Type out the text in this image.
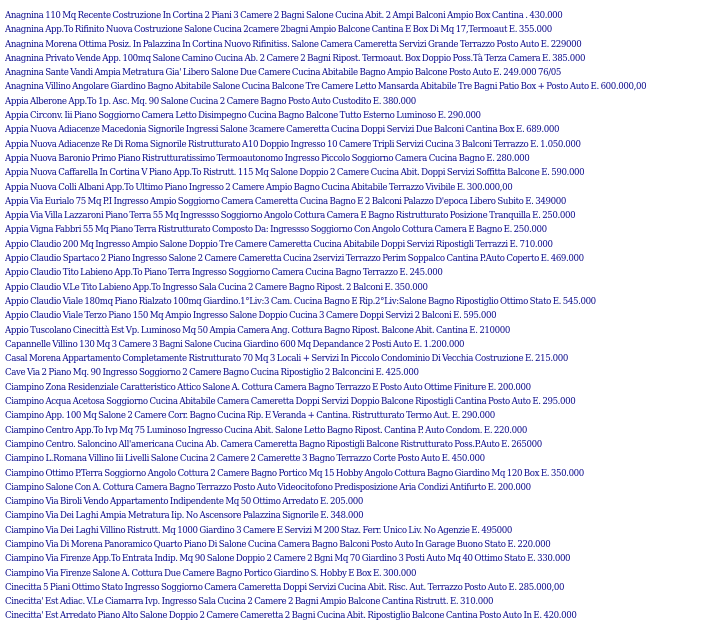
Anagnina 110 Mq Recente Costruzione In Cortina 2 Piani 3 Camere 2 Bagni Salone Cucina Abit. 2 Ampi Balconi Ampio Box Cantina . 430.000
Anagnina App.To Rifinito Nuova Costruzione Salone Cucina 2camere 2bagni Ampio Balcone Cantina E Box Di Mq 17,Termoaut E. 355.000
Anagnina Morena Ottima Posiz. In Palazzina In Cortina Nuovo Rifinitiss. Salone Camera Cameretta Servizi Grande Terrazzo Posto Auto E. 229000
Anagnina Privato Vende App. 100mq Salone Camino Cucina Ab. 2 Camere 2 Bagni Ripost. Termoaut. Box Doppio Poss.Tà Terza Camera E. 385.000
Anagnina Sante Vandi Ampia Metratura Gia' Libero Salone Due Camere Cucina Abitabile Bagno Ampio Balcone Posto Auto E. 249.000 76/05
Anagnina Villino Angolare Giardino Bagno Abitabile Salone Cucina Balcone Tre Camere Letto Mansarda Abitabile Tre Bagni Patio Box + Posto Auto E. 600.000,00
Appia Alberone App.To 1p. Asc. Mq. 90 Salone Cucina 2 Camere Bagno Posto Auto Custodito E. 380.000
Appia Circonv. Iii Piano Soggiorno Camera Letto Disimpegno Cucina Bagno Balcone Tutto Esterno Luminoso E. 290.000
Appia Nuova Adiacenze Macedonia Signorile Ingressi Salone 3camere Cameretta Cucina Doppi Servizi Due Balconi Cantina Box E. 689.000
Appia Nuova Adiacenze Re Di Roma Signorile Ristrutturato A10 Doppio Ingresso 10 Camere Tripli Servizi Cucina 3 Balconi Terrazzo E. 1.050.000
Appia Nuova Baronio Primo Piano Ristrutturatissimo Termoautonomo Ingresso Piccolo Soggiorno Camera Cucina Bagno E. 280.000
Appia Nuova Caffarella In Cortina V Piano App.To Ristrutt. 115 Mq Salone Doppio 2 Camere Cucina Abit. Doppi Servizi Soffitta Balcone E. 590.000
Appia Nuova Colli Albani App.To Ultimo Piano Ingresso 2 Camere Ampio Bagno Cucina Abitabile Terrazzo Vivibile E. 300.000,00
Appia Via Eurialo 75 Mq P.I Ingresso Ampio Soggiorno Camera Cameretta Cucina Bagno E 2 Balconi Palazzo D'epoca Libero Subito E. 349000
Appia Via Villa Lazzaroni Piano Terra 55 Mq Ingressso Soggiorno Angolo Cottura Camera E Bagno Ristrutturato Posizione Tranquilla E. 250.000
Appia Vigna Fabbri 55 Mq Piano Terra Ristrutturato Composto Da: Ingressso Soggiorno Con Angolo Cottura Camera E Bagno E. 250.000
Appio Claudio 200 Mq Ingresso Ampio Salone Doppio Tre Camere Cameretta Cucina Abitabile Doppi Servizi Ripostigli Terrazzi E. 710.000
Appio Claudio Spartaco 2 Piano Ingresso Salone 2 Camere Cameretta Cucina 2servizi Terrazzo Perim Soppalco Cantina P.Auto Coperto E. 469.000
Appio Claudio Tito Labieno App.To Piano Terra Ingresso Soggiorno Camera Cucina Bagno Terrazzo E. 245.000
Appio Claudio V.Le Tito Labieno App.To Ingresso Sala Cucina 2 Camere Bagno Ripost. 2 Balconi E. 350.000
Appio Claudio Viale 180mq Piano Rialzato 100mq Giardino.1°Liv:3 Cam. Cucina Bagno E Rip.2°Liv:Salone Bagno Ripostiglio Ottimo Stato E. 545.000
Appio Claudio Viale Terzo Piano 150 Mq Ampio Ingresso Salone Doppio Cucina 3 Camere Doppi Servizi 2 Balconi E. 595.000
Appio Tuscolano Cinecittà Est Vp. Luminoso Mq 50 Ampia Camera Ang. Cottura Bagno Ripost. Balcone Abit. Cantina E. 210000
Capannelle Villino 130 Mq 3 Camere 3 Bagni Salone Cucina Giardino 600 Mq Depandance 2 Posti Auto E. 1.200.000
Casal Morena Appartamento Completamente Ristrutturato 70 Mq 3 Locali + Servizi In Piccolo Condominio Di Vecchia Costruzione E. 215.000
Cave Via 2 Piano Mq. 90 Ingresso Soggiorno 2 Camere Bagno Cucina Ripostiglio 2 Balconcini E. 425.000
Ciampino Zona Residenziale Caratteristico Attico Salone A. Cottura Camera Bagno Terrazzo E Posto Auto Ottime Finiture E. 200.000
Ciampino Acqua Acetosa Soggiorno Cucina Abitabile Camera Cameretta Doppi Servizi Doppio Balcone Ripostigli Cantina Posto Auto E. 295.000
Ciampino App. 100 Mq Salone 2 Camere Corr. Bagno Cucina Rip. E Veranda + Cantina. Ristrutturato Termo Aut. E. 290.000
Ciampino Centro App.To Ivp Mq 75 Luminoso Ingresso Cucina Abit. Salone Letto Bagno Ripost. Cantina P. Auto Condom. E. 220.000
Ciampino Centro. Saloncino All'americana Cucina Ab. Camera Cameretta Bagno Ripostigli Balcone Ristrutturato Poss.P.Auto E. 265000
Ciampino L.Romana Villino Iii Livelli Salone Cucina 2 Camere 2 Camerette 3 Bagno Terrazzo Corte Posto Auto E. 450.000
Ciampino Ottimo P.Terra Soggiorno Angolo Cottura 2 Camere Bagno Portico Mq 15 Hobby Angolo Cottura Bagno Giardino Mq 120 Box E. 350.000
Ciampino Salone Con A. Cottura Camera Bagno Terrazzo Posto Auto Videocitofono Predisposizione Aria Condizi Antifurto E. 200.000
Ciampino Via Biroli Vendo Appartamento Indipendente Mq 50 Ottimo Arredato E. 205.000
Ciampino Via Dei Laghi Ampia Metratura Iip. No Ascensore Palazzina Signorile E. 348.000
Ciampino Via Dei Laghi Villino Ristrutt. Mq 1000 Giardino 3 Camere E Servizi M 200 Staz. Ferr. Unico Liv. No Agenzie E. 495000
Ciampino Via Di Morena Panoramico Quarto Piano Di Salone Cucina Camera Bagno Balconi Posto Auto In Garage Buono Stato E. 220.000
Ciampino Via Firenze App.To Entrata Indip. Mq 90 Salone Doppio 2 Camere 2 Bgni Mq 70 Giardino 3 Posti Auto Mq 40 Ottimo Stato E. 330.000
Ciampino Via Firenze Salone A. Cottura Due Camere Bagno Portico Giardino S. Hobby E Box E. 300.000
Cinecitta 5 Piani Ottimo Stato Ingresso Soggiorno Camera Cameretta Doppi Servizi Cucina Abit. Risc. Aut. Terrazzo Posto Auto E. 285.000,00
Cinecitta' Est Adiac. V.Le Ciamarra Ivp. Ingresso Sala Cucina 2 Camere 2 Bagni Ampio Balcone Cantina Ristrutt. E. 310.000
Cinecitta' Est Arredato Piano Alto Salone Doppio 2 Camere Cameretta 2 Bagni Cucina Abit. Ripostiglio Balcone Cantina Posto Auto In E. 420.000
